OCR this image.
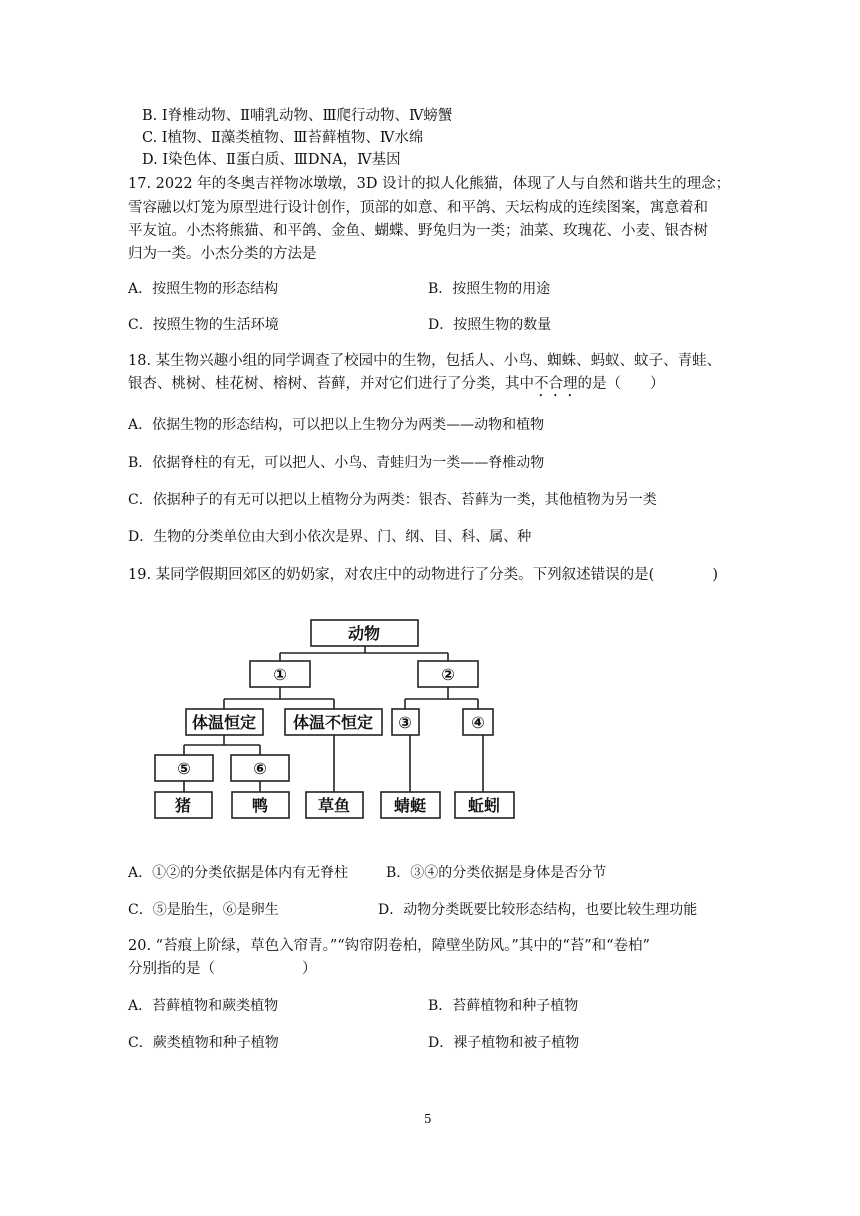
B. Ⅰ脊椎动物、Ⅱ哺乳动物、Ⅲ爬行动物、Ⅳ螃蟹
C. Ⅰ植物、Ⅱ藻类植物、Ⅲ苔藓植物、Ⅳ水绵
D. Ⅰ染色体、Ⅱ蛋白质、ⅢDNA，Ⅳ基因
17. 2022 年的冬奥吉祥物冰墩墩，3D 设计的拟人化熊猫，体现了人与自然和谐共生的理念；
雪容融以灯笼为原型进行设计创作，顶部的如意、和平鸽、天坛构成的连续图案，寓意着和
平友谊。小杰将熊猫、和平鸽、金鱼、蝴蝶、野兔归为一类；油菜、玫瑰花、小麦、银杏树
归为一类。小杰分类的方法是
A．按照生物的形态结构	B．按照生物的用途
C．按照生物的生活环境	D．按照生物的数量
18. 某生物兴趣小组的同学调查了校园中的生物，包括人、小鸟、蜘蛛、蚂蚁、蚊子、青蛙、
银杏、桃树、桂花树、榕树、苔藓，并对它们进行了分类，其中不合理的是（　　）
A．依据生物的形态结构，可以把以上生物分为两类——动物和植物
B．依据脊柱的有无，可以把人、小鸟、青蛙归为一类——脊椎动物
C．依据种子的有无可以把以上植物分为两类：银杏、苔藓为一类，其他植物为另一类
D．生物的分类单位由大到小依次是界、门、纲、目、科、属、种
19. 某同学假期回郊区的奶奶家，对农庄中的动物进行了分类。下列叙述错误的是(　　　　)
动物
①	②
体温恒定 体温不恒定 ③	④
⑤	⑥
猪	鸭	草鱼	蜻蜓	蚯蚓
A．①②的分类依据是体内有无脊柱	B．③④的分类依据是身体是否分节
C．⑤是胎生，⑥是卵生	D．动物分类既要比较形态结构，也要比较生理功能
20. “苔痕上阶绿，草色入帘青。”“钩帘阴卷柏，障壁坐防风。”其中的“苔”和“卷柏”
分别指的是（　　　　　　）
A．苔藓植物和蕨类植物	B．苔藓植物和种子植物
C．蕨类植物和种子植物	D．裸子植物和被子植物
5
